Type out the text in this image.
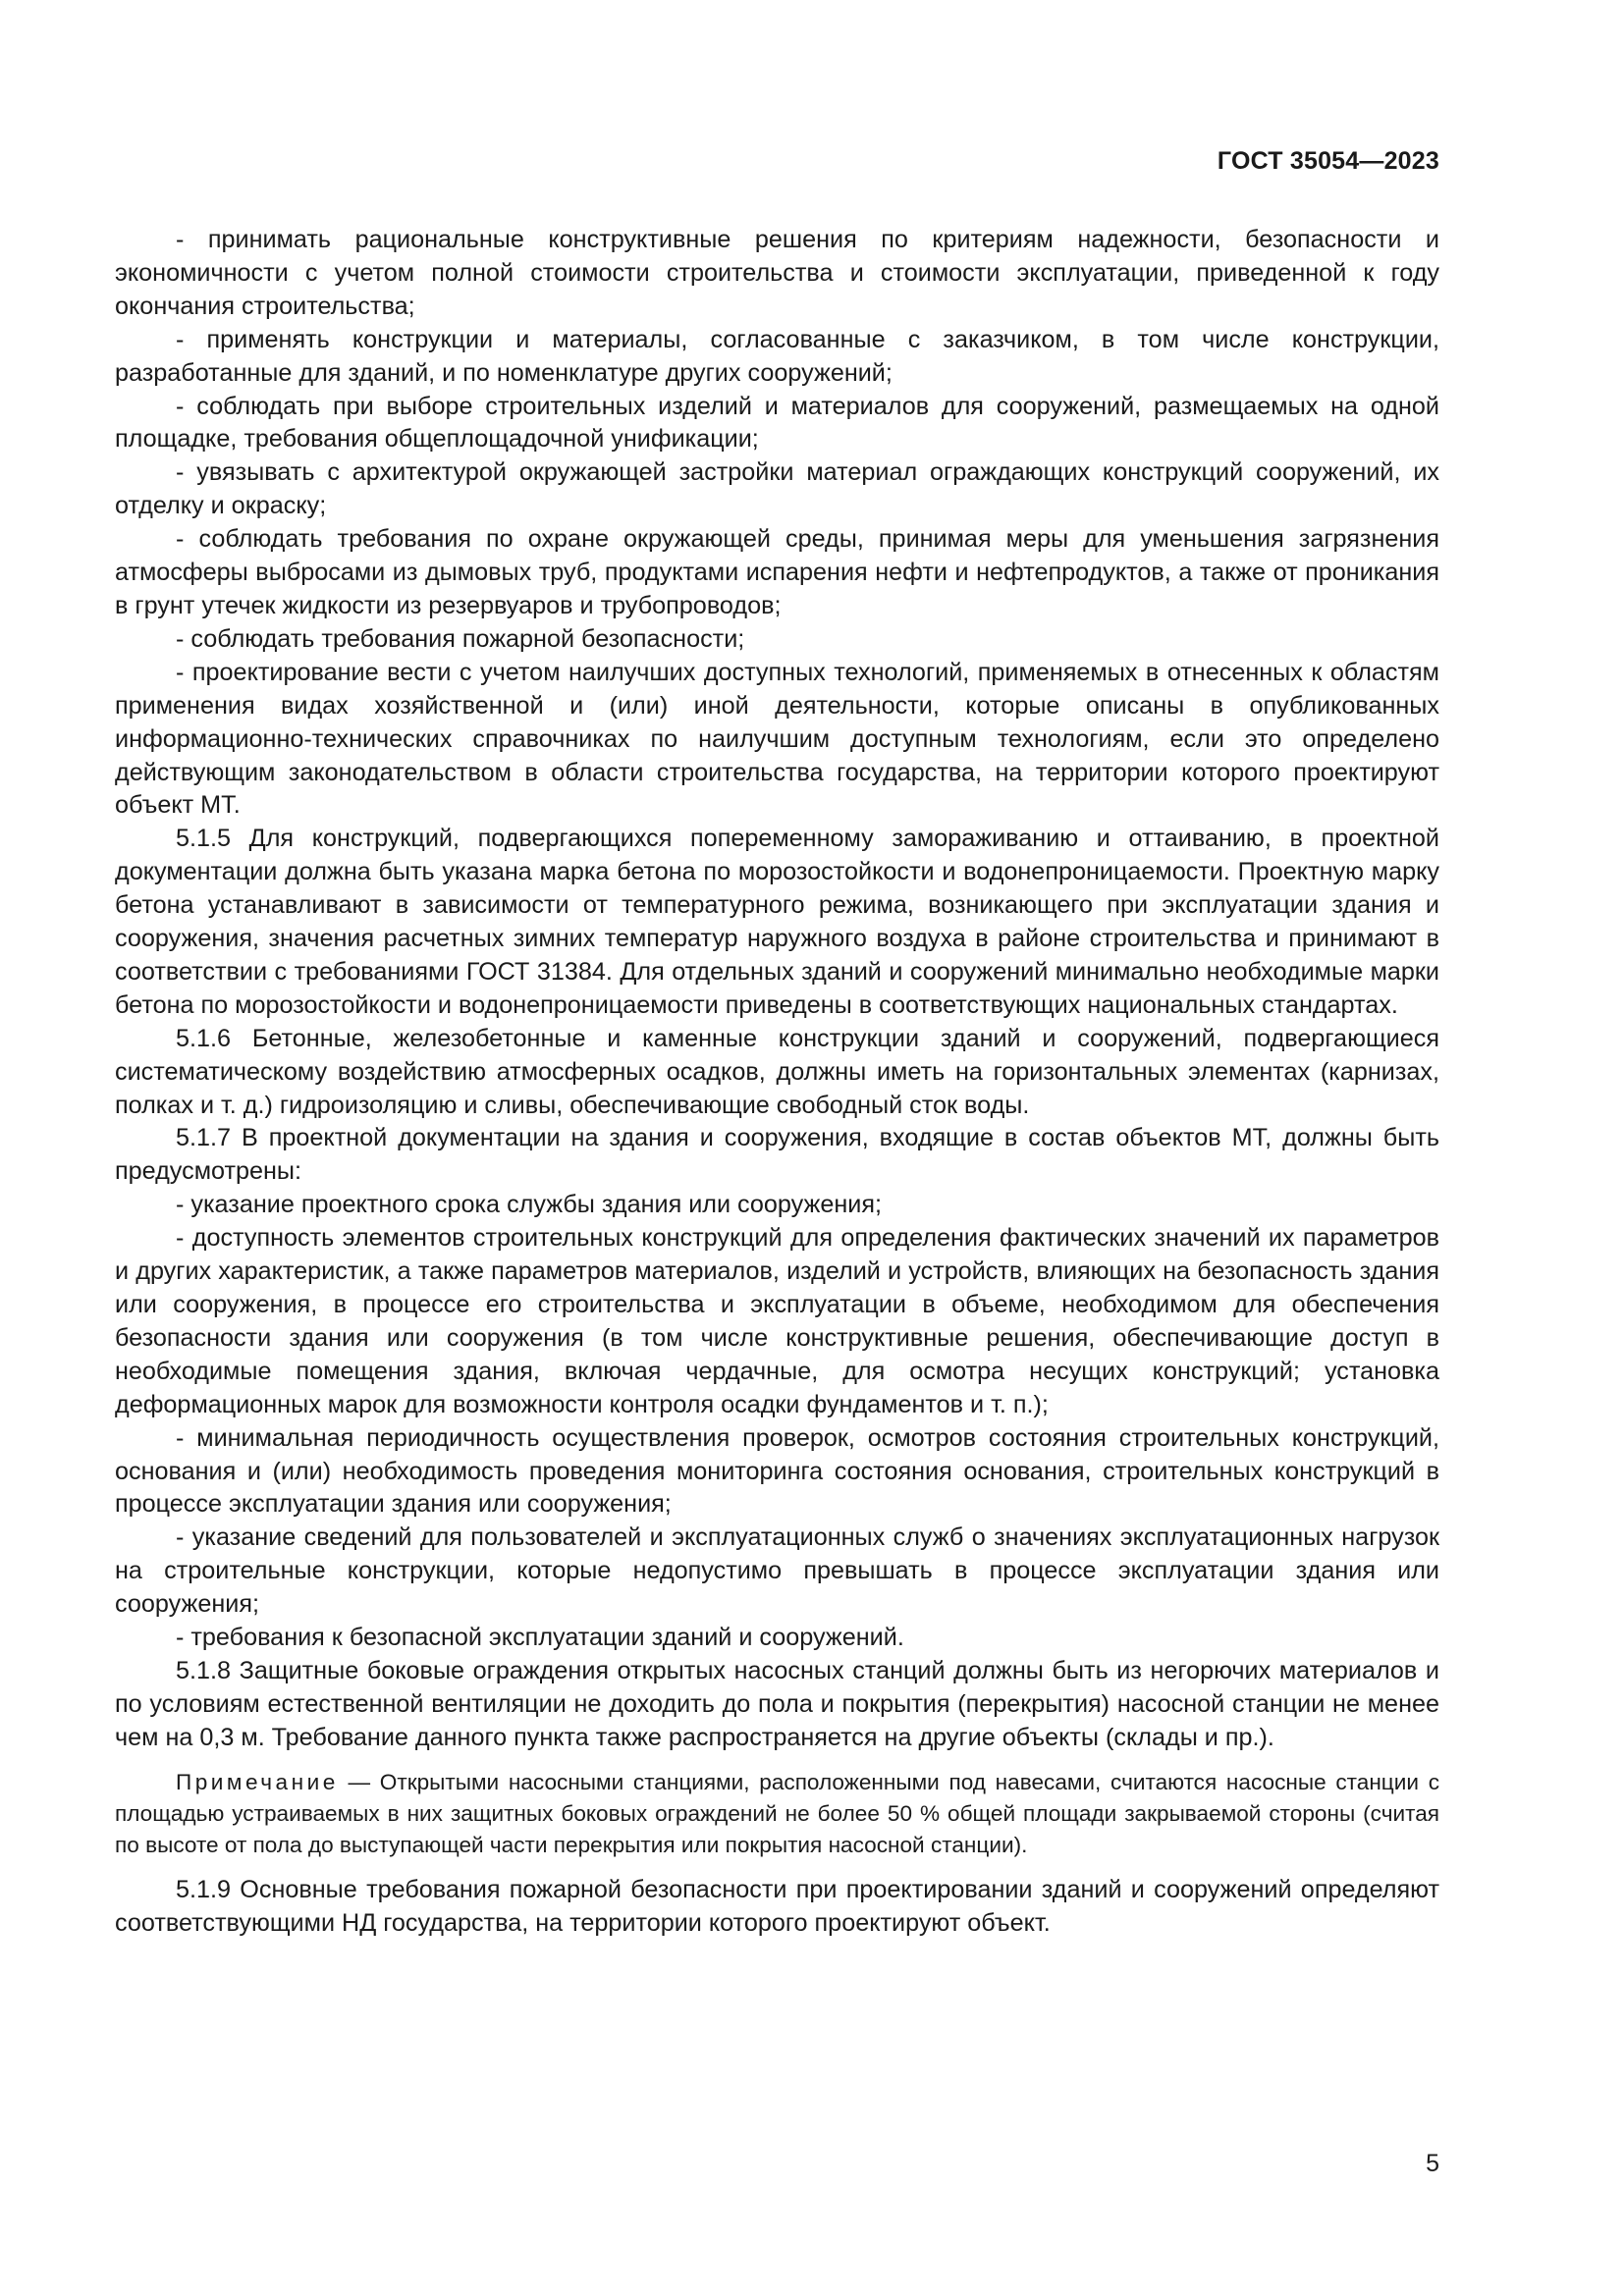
ГОСТ 35054—2023

- принимать рациональные конструктивные решения по критериям надежности, безопасности и экономичности с учетом полной стоимости строительства и стоимости эксплуатации, приведенной к году окончания строительства;

- применять конструкции и материалы, согласованные с заказчиком, в том числе конструкции, разработанные для зданий, и по номенклатуре других сооружений;

- соблюдать при выборе строительных изделий и материалов для сооружений, размещаемых на одной площадке, требования общеплощадочной унификации;

- увязывать с архитектурой окружающей застройки материал ограждающих конструкций сооружений, их отделку и окраску;

- соблюдать требования по охране окружающей среды, принимая меры для уменьшения загрязнения атмосферы выбросами из дымовых труб, продуктами испарения нефти и нефтепродуктов, а также от проникания в грунт утечек жидкости из резервуаров и трубопроводов;

- соблюдать требования пожарной безопасности;

- проектирование вести с учетом наилучших доступных технологий, применяемых в отнесенных к областям применения видах хозяйственной и (или) иной деятельности, которые описаны в опубликованных информационно-технических справочниках по наилучшим доступным технологиям, если это определено действующим законодательством в области строительства государства, на территории которого проектируют объект МТ.

5.1.5 Для конструкций, подвергающихся попеременному замораживанию и оттаиванию, в проектной документации должна быть указана марка бетона по морозостойкости и водонепроницаемости. Проектную марку бетона устанавливают в зависимости от температурного режима, возникающего при эксплуатации здания и сооружения, значения расчетных зимних температур наружного воздуха в районе строительства и принимают в соответствии с требованиями ГОСТ 31384. Для отдельных зданий и сооружений минимально необходимые марки бетона по морозостойкости и водонепроницаемости приведены в соответствующих национальных стандартах.

5.1.6 Бетонные, железобетонные и каменные конструкции зданий и сооружений, подвергающиеся систематическому воздействию атмосферных осадков, должны иметь на горизонтальных элементах (карнизах, полках и т. д.) гидроизоляцию и сливы, обеспечивающие свободный сток воды.

5.1.7 В проектной документации на здания и сооружения, входящие в состав объектов МТ, должны быть предусмотрены:

- указание проектного срока службы здания или сооружения;

- доступность элементов строительных конструкций для определения фактических значений их параметров и других характеристик, а также параметров материалов, изделий и устройств, влияющих на безопасность здания или сооружения, в процессе его строительства и эксплуатации в объеме, необходимом для обеспечения безопасности здания или сооружения (в том числе конструктивные решения, обеспечивающие доступ в необходимые помещения здания, включая чердачные, для осмотра несущих конструкций; установка деформационных марок для возможности контроля осадки фундаментов и т. п.);

- минимальная периодичность осуществления проверок, осмотров состояния строительных конструкций, основания и (или) необходимость проведения мониторинга состояния основания, строительных конструкций в процессе эксплуатации здания или сооружения;

- указание сведений для пользователей и эксплуатационных служб о значениях эксплуатационных нагрузок на строительные конструкции, которые недопустимо превышать в процессе эксплуатации здания или сооружения;

- требования к безопасной эксплуатации зданий и сооружений.

5.1.8 Защитные боковые ограждения открытых насосных станций должны быть из негорючих материалов и по условиям естественной вентиляции не доходить до пола и покрытия (перекрытия) насосной станции не менее чем на 0,3 м. Требование данного пункта также распространяется на другие объекты (склады и пр.).

Примечание — Открытыми насосными станциями, расположенными под навесами, считаются насосные станции с площадью устраиваемых в них защитных боковых ограждений не более 50 % общей площади закрываемой стороны (считая по высоте от пола до выступающей части перекрытия или покрытия насосной станции).

5.1.9 Основные требования пожарной безопасности при проектировании зданий и сооружений определяют соответствующими НД государства, на территории которого проектируют объект.

5
